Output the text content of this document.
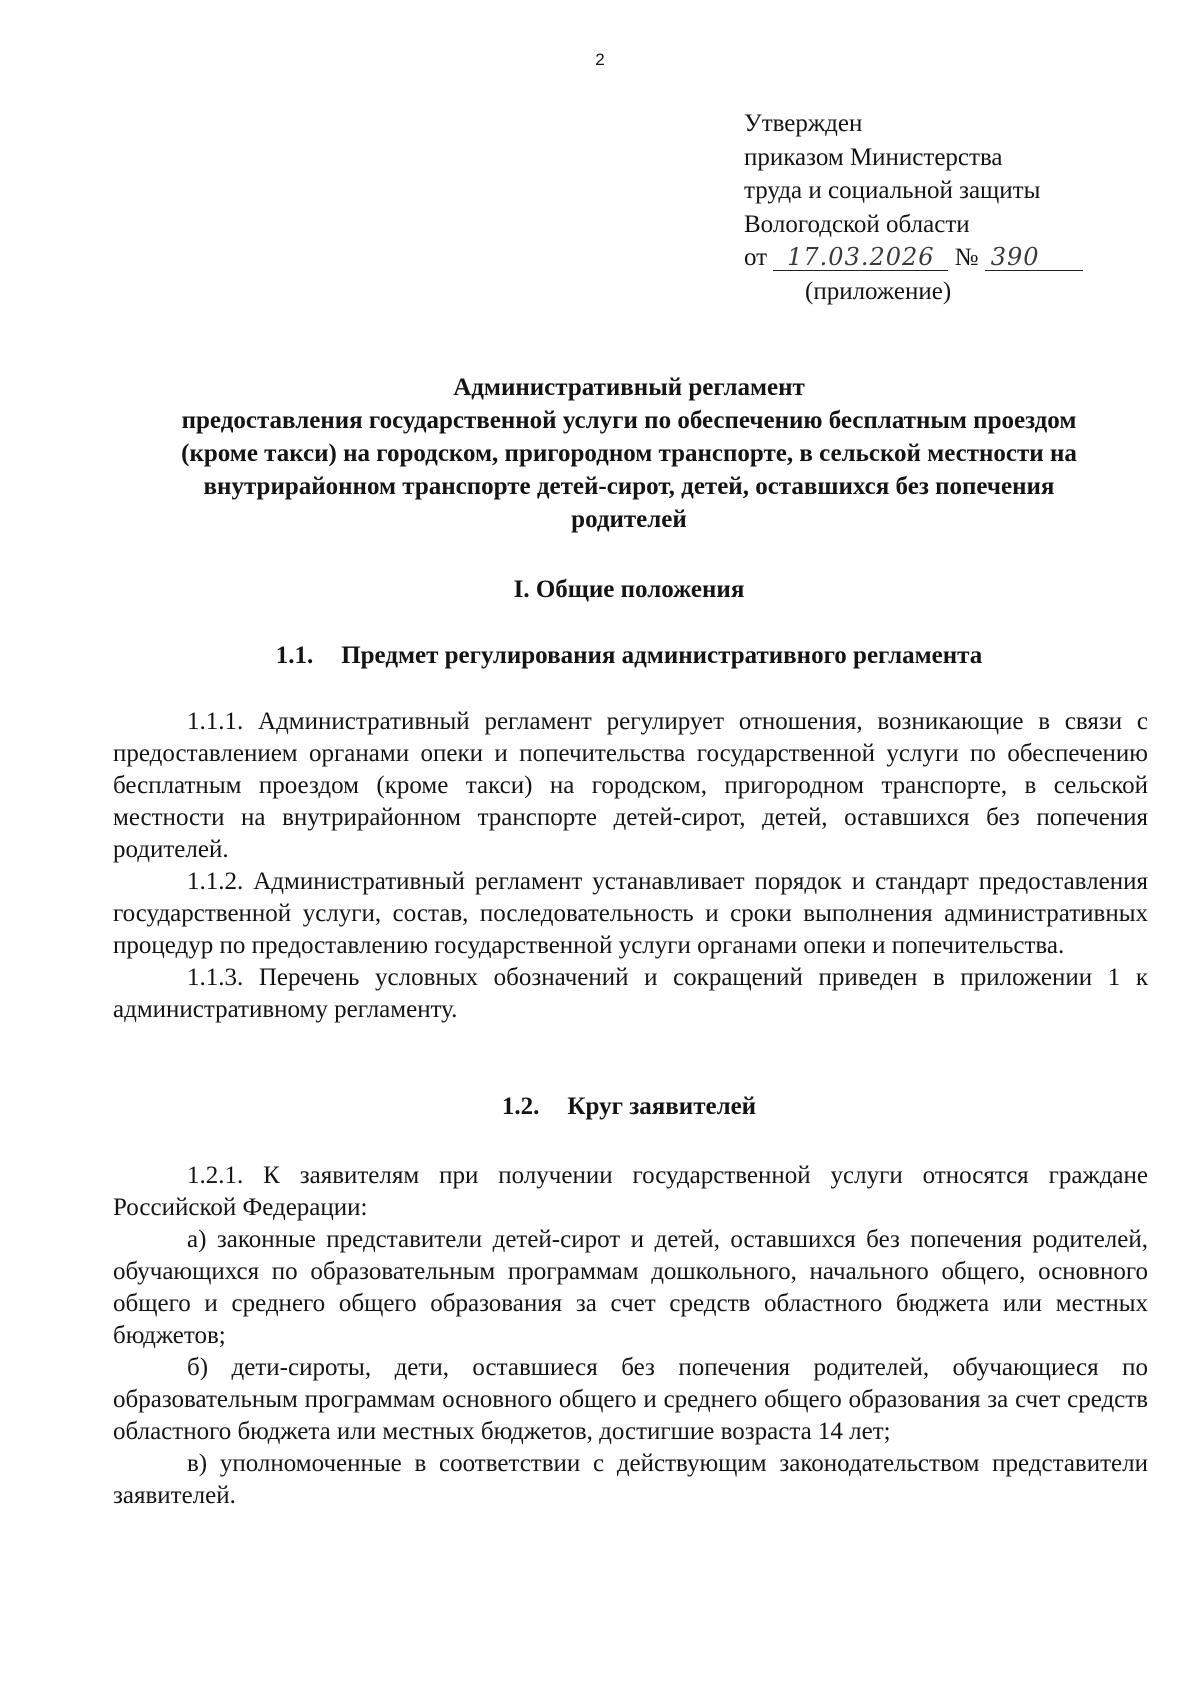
2
Утвержден
приказом Министерства
труда и социальной защиты
Вологодской области
от 17.03.2026 № 390
(приложение)
Административный регламент
предоставления государственной услуги по обеспечению бесплатным проездом
(кроме такси) на городском, пригородном транспорте, в сельской местности на
внутрирайонном транспорте детей-сирот, детей, оставшихся без попечения
родителей
I. Общие положения
1.1. Предмет регулирования административного регламента

1.1.1. Административный регламент регулирует отношения, возникающие в связи с предоставлением органами опеки и попечительства государственной услуги по обеспечению бесплатным проездом (кроме такси) на городском, пригородном транспорте, в сельской местности на внутрирайонном транспорте детей-сирот, детей, оставшихся без попечения родителей.

1.1.2. Административный регламент устанавливает порядок и стандарт предоставления государственной услуги, состав, последовательность и сроки выполнения административных процедур по предоставлению государственной услуги органами опеки и попечительства.

1.1.3. Перечень условных обозначений и сокращений приведен в приложении 1 к административному регламенту.

1.2. Круг заявителей

1.2.1. К заявителям при получении государственной услуги относятся граждане Российской Федерации:

а) законные представители детей-сирот и детей, оставшихся без попечения родителей, обучающихся по образовательным программам дошкольного, начального общего, основного общего и среднего общего образования за счет средств областного бюджета или местных бюджетов;

б) дети-сироты, дети, оставшиеся без попечения родителей, обучающиеся по образовательным программам основного общего и среднего общего образования за счет средств областного бюджета или местных бюджетов, достигшие возраста 14 лет;

в) уполномоченные в соответствии с действующим законодательством представители заявителей.
